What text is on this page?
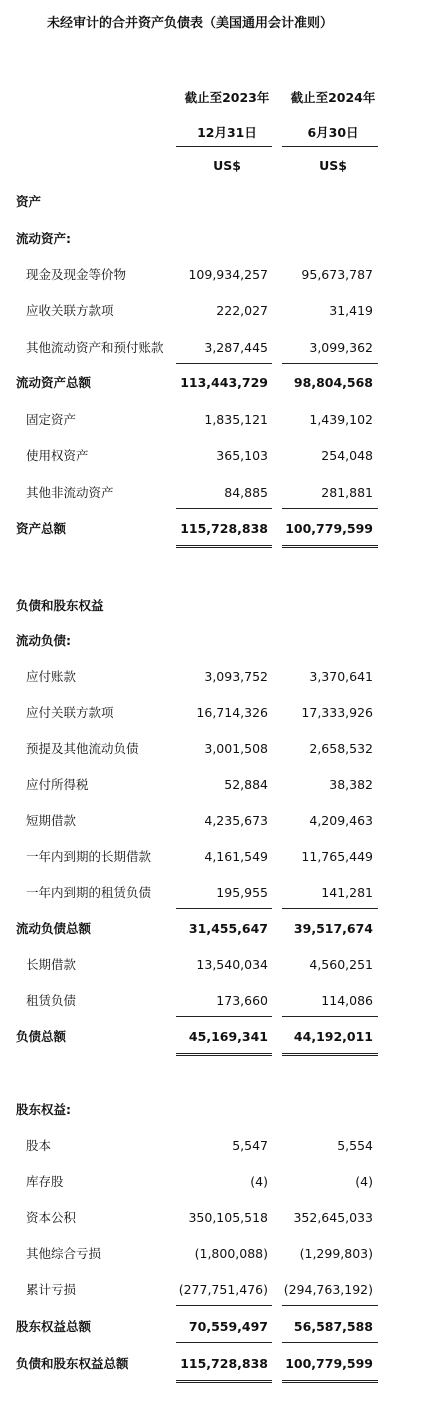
未经审计的合并资产负债表（美国通用会计准则）
截止至2023年	截止至2024年
12月31日	6月30日
US$	US$
资产
流动资产:
现金及现金等价物	109,934,257	95,673,787
应收关联方款项	222,027	31,419
其他流动资产和预付账款	3,287,445	3,099,362
流动资产总额	113,443,729	98,804,568
固定资产	1,835,121	1,439,102
使用权资产	365,103	254,048
其他非流动资产	84,885	281,881
资产总额	115,728,838	100,779,599
负债和股东权益
流动负债:
应付账款	3,093,752	3,370,641
应付关联方款项	16,714,326	17,333,926
预提及其他流动负债	3,001,508	2,658,532
应付所得税	52,884	38,382
短期借款	4,235,673	4,209,463
一年内到期的长期借款	4,161,549	11,765,449
一年内到期的租赁负债	195,955	141,281
流动负债总额	31,455,647	39,517,674
长期借款	13,540,034	4,560,251
租赁负债	173,660	114,086
负债总额	45,169,341	44,192,011
股东权益:
股本	5,547	5,554
库存股	(4)	(4)
资本公积	350,105,518	352,645,033
其他综合亏损	(1,800,088)	(1,299,803)
累计亏损	(277,751,476)	(294,763,192)
股东权益总额	70,559,497	56,587,588
负债和股东权益总额	115,728,838	100,779,599
